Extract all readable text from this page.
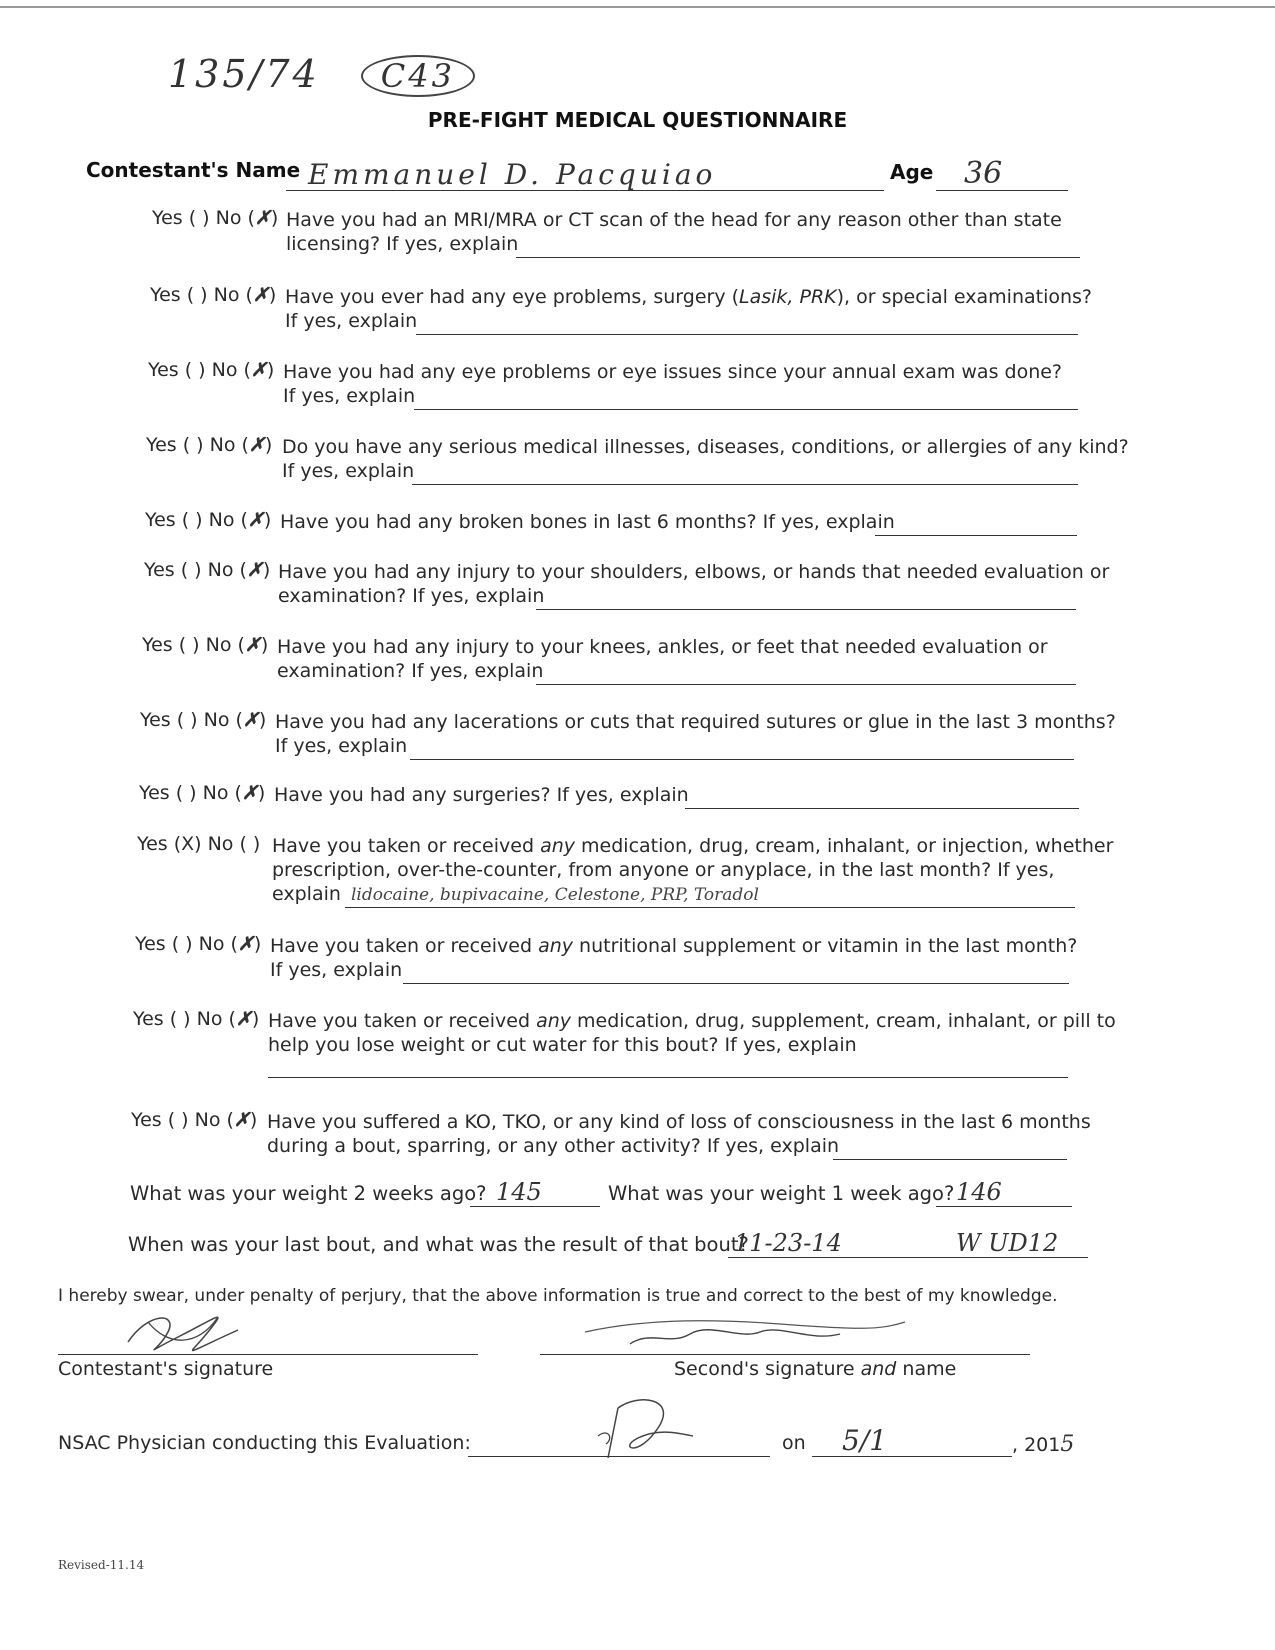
135/74 C43
PRE-FIGHT MEDICAL QUESTIONNAIRE
Contestant's Name Emmanuel D. Pacquiao	Age 36
Yes ( ) No (✗) Have you had an MRI/MRA or CT scan of the head for any reason other than state
licensing? If yes, explain
Yes ( ) No (✗) Have you ever had any eye problems, surgery (Lasik, PRK), or special examinations?
If yes, explain
Yes ( ) No (✗) Have you had any eye problems or eye issues since your annual exam was done?
If yes, explain
Yes ( ) No (✗) Do you have any serious medical illnesses, diseases, conditions, or allergies of any kind?
If yes, explain
Yes ( ) No (✗) Have you had any broken bones in last 6 months? If yes, explain
Yes ( ) No (✗) Have you had any injury to your shoulders, elbows, or hands that needed evaluation or
examination? If yes, explain
Yes ( ) No (✗) Have you had any injury to your knees, ankles, or feet that needed evaluation or
examination? If yes, explain
Yes ( ) No (✗) Have you had any lacerations or cuts that required sutures or glue in the last 3 months?
If yes, explain
Yes ( ) No (✗) Have you had any surgeries? If yes, explain
Yes (X) No ( ) Have you taken or received any medication, drug, cream, inhalant, or injection, whether
prescription, over-the-counter, from anyone or anyplace, in the last month? If yes,
explain lidocaine, bupivacaine, Celestone, PRP, Toradol
Yes ( ) No (✗) Have you taken or received any nutritional supplement or vitamin in the last month?
If yes, explain
Yes ( ) No (✗) Have you taken or received any medication, drug, supplement, cream, inhalant, or pill to
help you lose weight or cut water for this bout? If yes, explain
Yes ( ) No (✗) Have you suffered a KO, TKO, or any kind of loss of consciousness in the last 6 months
during a bout, sparring, or any other activity? If yes, explain
What was your weight 2 weeks ago? 145	What was your weight 1 week ago? 146
When was your last bout, and what was the result of that bout?
11-23-14	W UD12
I hereby swear, under penalty of perjury, that the above information is true and correct to the best of my knowledge.
Contestant's signature	Second's signature and name
NSAC Physician conducting this Evaluation:	on 5/1	, 2015
Revised-11.14
